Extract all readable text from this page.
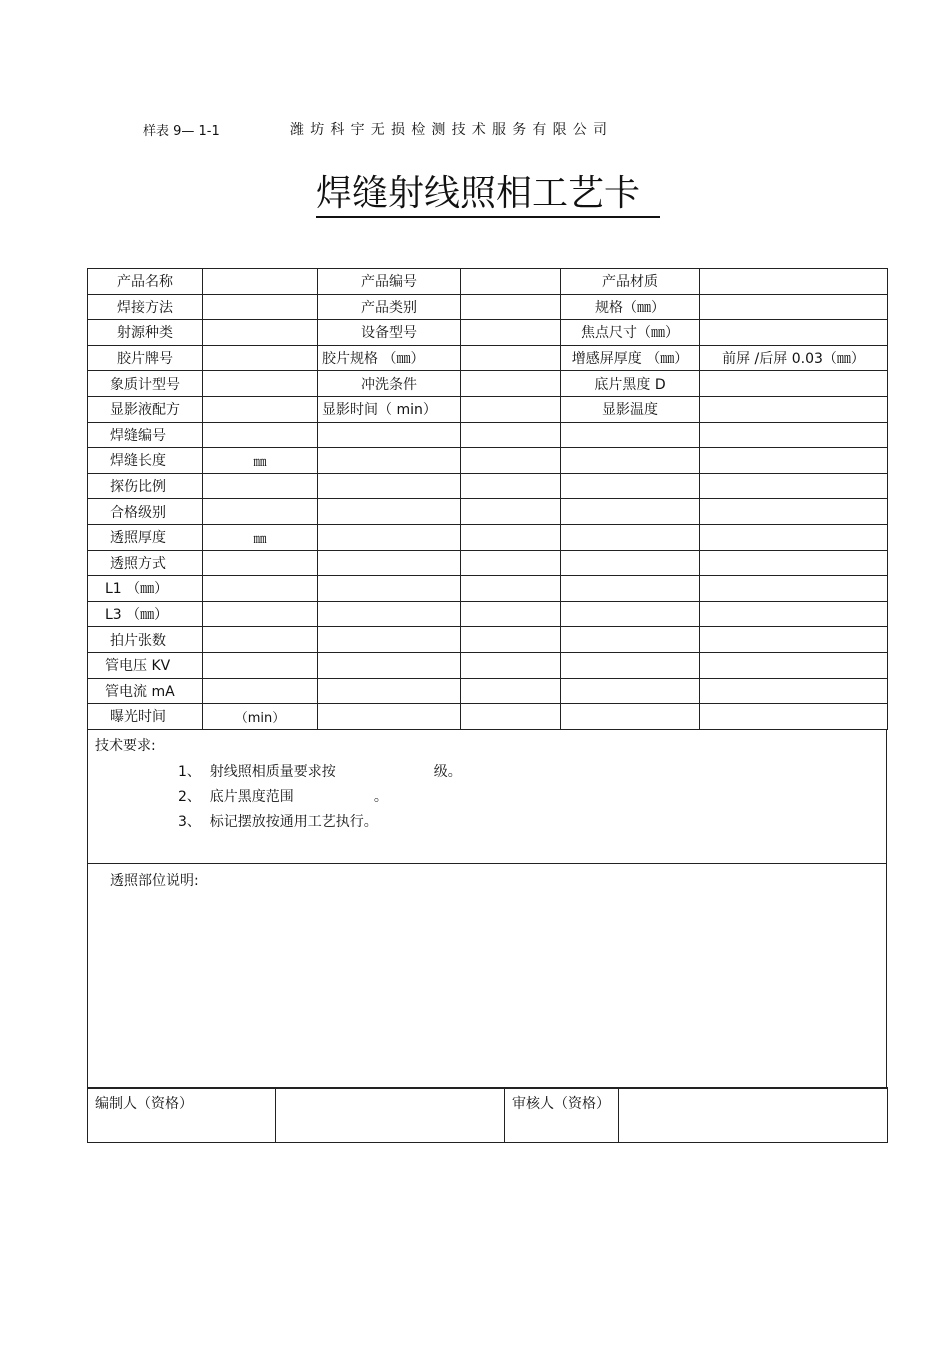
样表 9— 1-1	潍坊科宇无损检测技术服务有限公司
焊缝射线照相工艺卡
产品名称		产品编号		产品材质	
焊接方法		产品类别		规格（㎜）	
射源种类		设备型号		焦点尺寸（㎜）	
胶片牌号		胶片规格 （㎜）		增感屏厚度 （㎜）	前屏 /后屏 0.03（㎜）
象质计型号		冲洗条件		底片黑度 D	
显影液配方		显影时间（ min）		显影温度	
焊缝编号					
焊缝长度	㎜				
探伤比例					
合格级别					
透照厚度	㎜				
透照方式					
L1 （㎜）					
L3 （㎜）					
拍片张数					
管电压 KV					
管电流 mA					
曝光时间	（min）				
技术要求:
1、  射线照相质量要求按                      级。
2、  底片黑度范围                  。
3、  标记摆放按通用工艺执行。
透照部位说明:
编制人（资格）		审核人（资格）	
